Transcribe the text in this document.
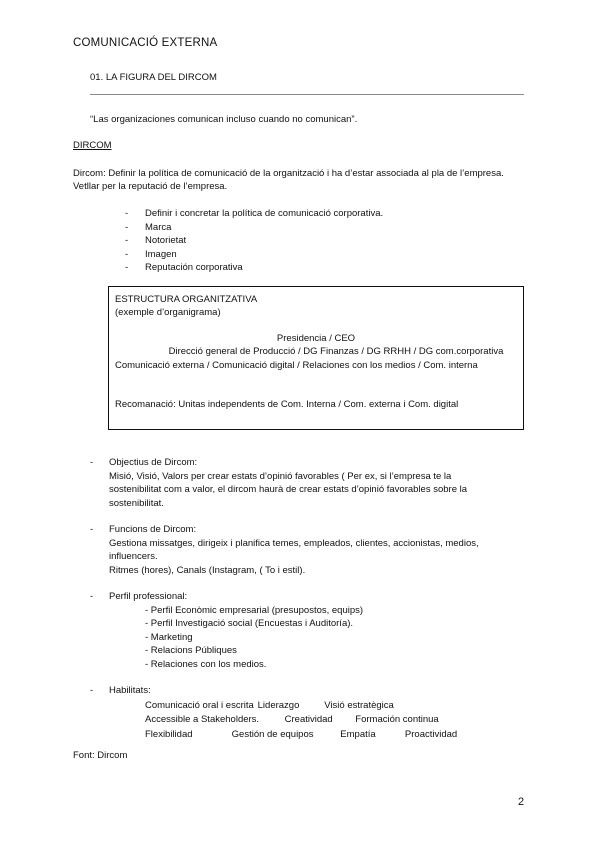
COMUNICACIÓ EXTERNA
01. LA FIGURA DEL DIRCOM
“Las organizaciones comunican incluso cuando no comunican”.
DIRCOM
Dircom: Definir la política de comunicació de la organització i ha d’estar associada al pla de l’empresa. Vetllar per la reputació de l’empresa.
-	Definir i concretar la política de comunicació corporativa.
-	Marca
-	Notorietat
-	Imagen
-	Reputación corporativa
ESTRUCTURA ORGANITZATIVA
(exemple d’organigrama)
Presidencia / CEO
Direcció general de Producció / DG Finanzas / DG RRHH / DG com.corporativa
Comunicació externa / Comunicació digital / Relaciones con los medios / Com. interna
Recomanació: Unitas independents de Com. Interna / Com. externa i Com. digital
-	Objectius de Dircom:
Misió, Visió, Valors per crear estats d’opinió favorables ( Per ex, si l’empresa te la sostenibilitat com a valor, el dircom haurà de crear estats d’opinió favorables sobre la sostenibilitat.
-	Funcions de Dircom:
Gestiona missatges, dirigeix i planifica temes, empleados, clientes, accionistas, medios, influencers.
Ritmes (hores), Canals (Instagram, ( To i estil).
-	Perfil professional:
- Perfil Econòmic empresarial (presupostos, equips)
- Perfil Investigació social (Encuestas i Auditoría).
- Marketing
- Relacions Públiques
- Relaciones con los medios.
-	Habilitats:
Comunicació oral i escrita Liderazgo	Visió estratègica
Accessible a Stakeholders.	Creatividad Formación continua
Flexibilidad	Gestión de equipos	Empatía	Proactividad
Font: Dircom
2
